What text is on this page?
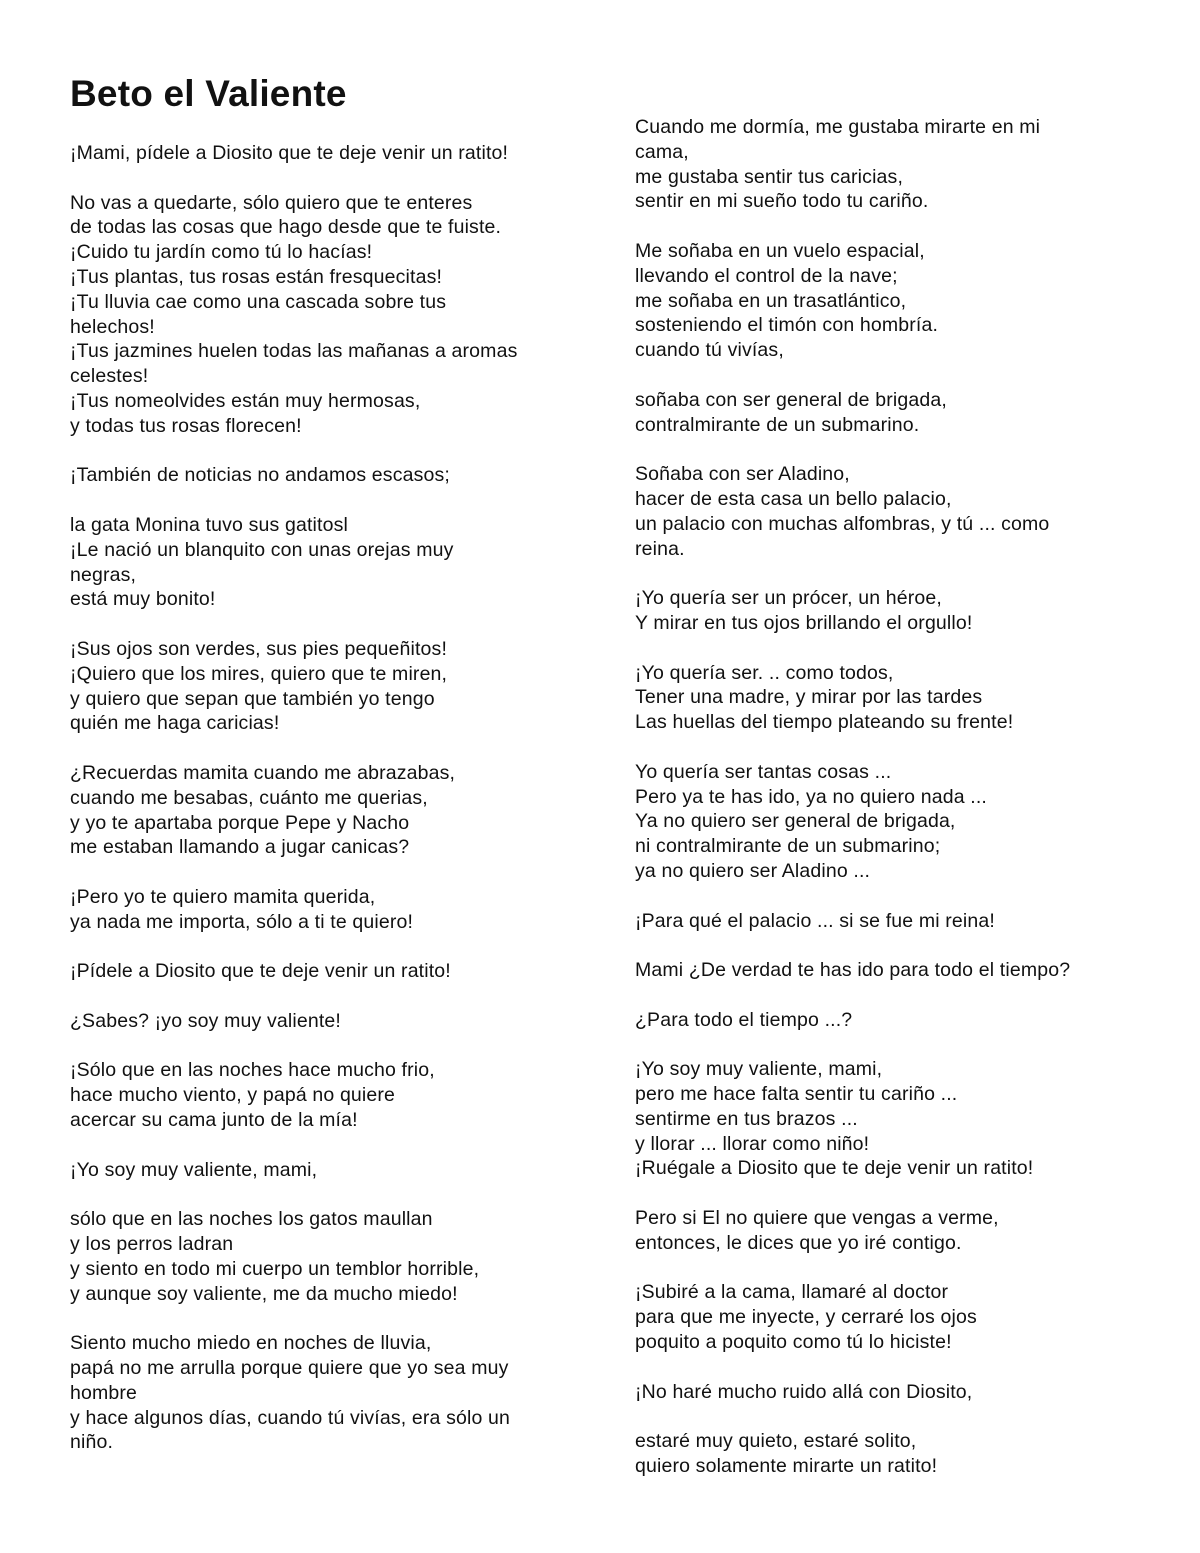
Beto el Valiente

¡Mami, pídele a Diosito que te deje venir un ratito!

No vas a quedarte, sólo quiero que te enteres
de todas las cosas que hago desde que te fuiste.
¡Cuido tu jardín como tú lo hacías!
¡Tus plantas, tus rosas están fresquecitas!
¡Tu lluvia cae como una cascada sobre tus
helechos!
¡Tus jazmines huelen todas las mañanas a aromas
celestes!
¡Tus nomeolvides están muy hermosas,
y todas tus rosas florecen!

¡También de noticias no andamos escasos;

la gata Monina tuvo sus gatitosl
¡Le nació un blanquito con unas orejas muy
negras,
está muy bonito!

¡Sus ojos son verdes, sus pies pequeñitos!
¡Quiero que los mires, quiero que te miren,
y quiero que sepan que también yo tengo
quién me haga caricias!

¿Recuerdas mamita cuando me abrazabas,
cuando me besabas, cuánto me querias,
y yo te apartaba porque Pepe y Nacho
me estaban llamando a jugar canicas?

¡Pero yo te quiero mamita querida,
ya nada me importa, sólo a ti te quiero!

¡Pídele a Diosito que te deje venir un ratito!

¿Sabes? ¡yo soy muy valiente!

¡Sólo que en las noches hace mucho frio,
hace mucho viento, y papá no quiere
acercar su cama junto de la mía!

¡Yo soy muy valiente, mami,

sólo que en las noches los gatos maullan
y los perros ladran
y siento en todo mi cuerpo un temblor horrible,
y aunque soy valiente, me da mucho miedo!

Siento mucho miedo en noches de lluvia,
papá no me arrulla porque quiere que yo sea muy
hombre
y hace algunos días, cuando tú vivías, era sólo un
niño.

Cuando me dormía, me gustaba mirarte en mi
cama,
me gustaba sentir tus caricias,
sentir en mi sueño todo tu cariño.

Me soñaba en un vuelo espacial,
llevando el control de la nave;
me soñaba en un trasatlántico,
sosteniendo el timón con hombría.
cuando tú vivías,

soñaba con ser general de brigada,
contralmirante de un submarino.

Soñaba con ser Aladino,
hacer de esta casa un bello palacio,
un palacio con muchas alfombras, y tú ... como
reina.

¡Yo quería ser un prócer, un héroe,
Y mirar en tus ojos brillando el orgullo!

¡Yo quería ser. .. como todos,
Tener una madre, y mirar por las tardes
Las huellas del tiempo plateando su frente!

Yo quería ser tantas cosas ...
Pero ya te has ido, ya no quiero nada ...
Ya no quiero ser general de brigada,
ni contralmirante de un submarino;
ya no quiero ser Aladino ...

¡Para qué el palacio ... si se fue mi reina!

Mami ¿De verdad te has ido para todo el tiempo?

¿Para todo el tiempo ...?

¡Yo soy muy valiente, mami,
pero me hace falta sentir tu cariño ...
sentirme en tus brazos ...
y llorar ... llorar como niño!
¡Ruégale a Diosito que te deje venir un ratito!

Pero si El no quiere que vengas a verme,
entonces, le dices que yo iré contigo.

¡Subiré a la cama, llamaré al doctor
para que me inyecte, y cerraré los ojos
poquito a poquito como tú lo hiciste!

¡No haré mucho ruido allá con Diosito,

estaré muy quieto, estaré solito,
quiero solamente mirarte un ratito!
